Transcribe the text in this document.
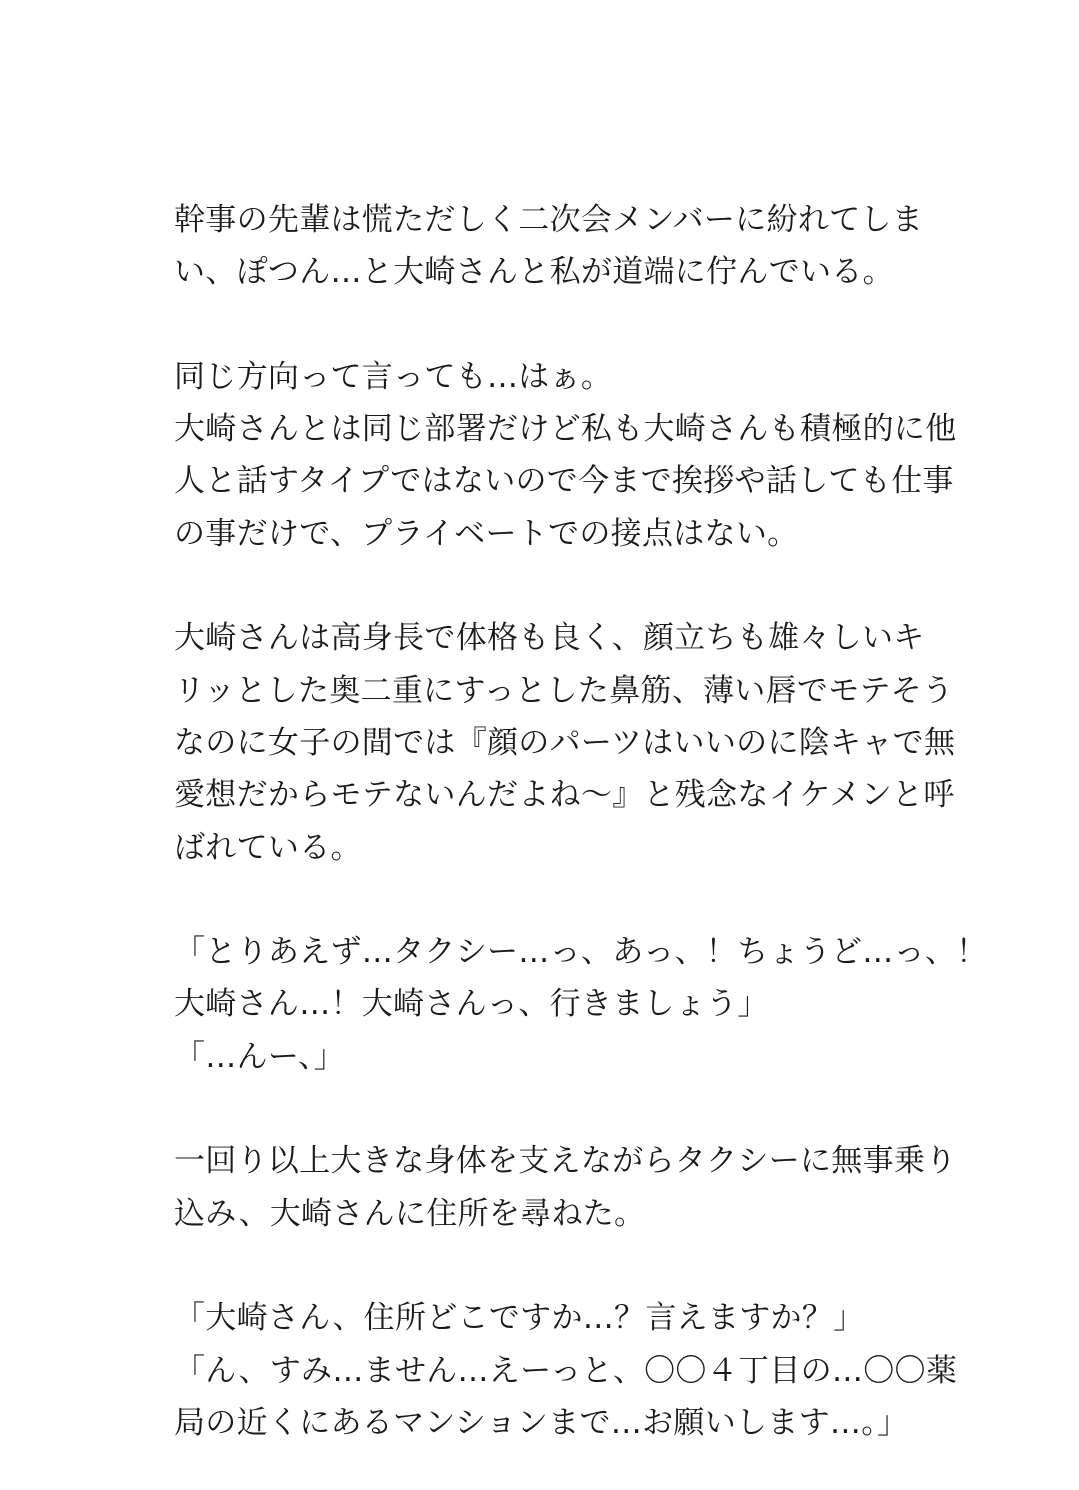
幹事の先輩は慌ただしく二次会メンバーに紛れてしま
い、ぽつん…と大崎さんと私が道端に佇んでいる。
同じ方向って言っても…はぁ。
大崎さんとは同じ部署だけど私も大崎さんも積極的に他
人と話すタイプではないので今まで挨拶や話しても仕事
の事だけで、プライベートでの接点はない。
大崎さんは高身長で体格も良く、顔立ちも雄々しいキ
リッとした奥二重にすっとした鼻筋、薄い唇でモテそう
なのに女子の間では『顔のパーツはいいのに陰キャで無
愛想だからモテないんだよね〜』と残念なイケメンと呼
ばれている。
「とりあえず…タクシー…っ、あっ、！ちょうど…っ、！
大崎さん…！大崎さんっ、行きましょう」
「…んー、」
一回り以上大きな身体を支えながらタクシーに無事乗り
込み、大崎さんに住所を尋ねた。
「大崎さん、住所どこですか…？言えますか？」
「ん、すみ…ません…えーっと、〇〇４丁目の…〇〇薬
局の近くにあるマンションまで…お願いします…。」
